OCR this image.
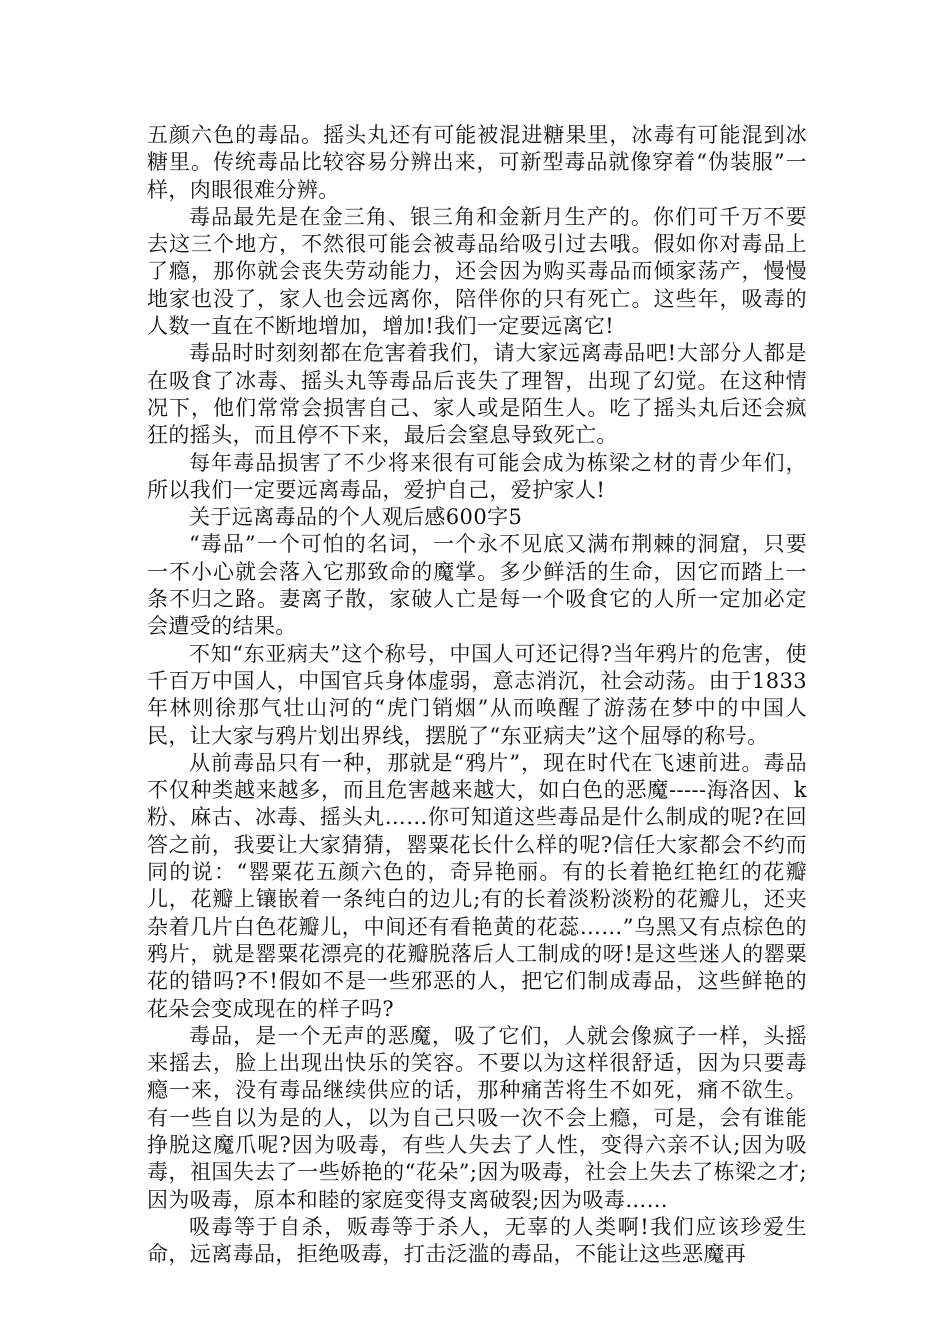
五颜六色的毒品。摇头丸还有可能被混进糖果里，冰毒有可能混到冰糖里。传统毒品比较容易分辨出来，可新型毒品就像穿着“伪装服”一样，肉眼很难分辨。

毒品最先是在金三角、银三角和金新月生产的。你们可千万不要去这三个地方，不然很可能会被毒品给吸引过去哦。假如你对毒品上了瘾，那你就会丧失劳动能力，还会因为购买毒品而倾家荡产，慢慢地家也没了，家人也会远离你，陪伴你的只有死亡。这些年，吸毒的人数一直在不断地增加，增加!我们一定要远离它!

毒品时时刻刻都在危害着我们，请大家远离毒品吧!大部分人都是在吸食了冰毒、摇头丸等毒品后丧失了理智，出现了幻觉。在这种情况下，他们常常会损害自己、家人或是陌生人。吃了摇头丸后还会疯狂的摇头，而且停不下来，最后会窒息导致死亡。

每年毒品损害了不少将来很有可能会成为栋梁之材的青少年们，所以我们一定要远离毒品，爱护自己，爱护家人!

关于远离毒品的个人观后感600字5

“毒品”一个可怕的名词，一个永不见底又满布荆棘的洞窟，只要一不小心就会落入它那致命的魔掌。多少鲜活的生命，因它而踏上一条不归之路。妻离子散，家破人亡是每一个吸食它的人所一定加必定会遭受的结果。

不知“东亚病夫”这个称号，中国人可还记得?当年鸦片的危害，使千百万中国人，中国官兵身体虚弱，意志消沉，社会动荡。由于1833年林则徐那气壮山河的“虎门销烟”从而唤醒了游荡在梦中的中国人民，让大家与鸦片划出界线，摆脱了“东亚病夫”这个屈辱的称号。

从前毒品只有一种，那就是“鸦片”，现在时代在飞速前进。毒品不仅种类越来越多，而且危害越来越大，如白色的恶魔-----海洛因、k粉、麻古、冰毒、摇头丸……你可知道这些毒品是什么制成的呢?在回答之前，我要让大家猜猜，罂粟花长什么样的呢?信任大家都会不约而同的说：“罂粟花五颜六色的，奇异艳丽。有的长着艳红艳红的花瓣儿，花瓣上镶嵌着一条纯白的边儿;有的长着淡粉淡粉的花瓣儿，还夹杂着几片白色花瓣儿，中间还有看艳黄的花蕊……”乌黑又有点棕色的鸦片，就是罂粟花漂亮的花瓣脱落后人工制成的呀!是这些迷人的罂粟花的错吗?不!假如不是一些邪恶的人，把它们制成毒品，这些鲜艳的花朵会变成现在的样子吗?

毒品，是一个无声的恶魔，吸了它们，人就会像疯子一样，头摇来摇去，脸上出现出快乐的笑容。不要以为这样很舒适，因为只要毒瘾一来，没有毒品继续供应的话，那种痛苦将生不如死，痛不欲生。有一些自以为是的人，以为自己只吸一次不会上瘾，可是，会有谁能挣脱这魔爪呢?因为吸毒，有些人失去了人性，变得六亲不认;因为吸毒，祖国失去了一些娇艳的“花朵”;因为吸毒，社会上失去了栋梁之才;因为吸毒，原本和睦的家庭变得支离破裂;因为吸毒……

吸毒等于自杀，贩毒等于杀人，无辜的人类啊!我们应该珍爱生命，远离毒品，拒绝吸毒，打击泛滥的毒品，不能让这些恶魔再
